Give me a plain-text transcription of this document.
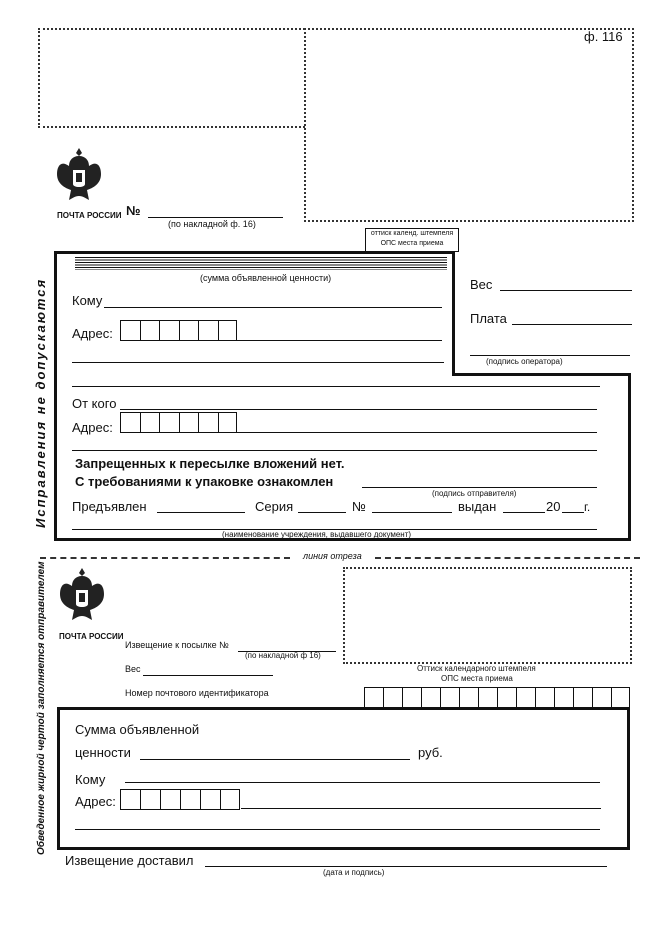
ф. 116
ПОЧТА РОССИИ №
(по накладной ф. 16)
оттиск календ. штемпеля ОПС места приема
Исправления не допускаются	(сумма объявленной ценности)
Кому
Адрес:
Вес
Плата
(подпись оператора)
От кого
Адрес:
Запрещенных к пересылке вложений нет.
С требованиями к упаковке ознакомлен
(подпись отправителя)
Предъявлен	Серия	№	выдан	20 г.
(наименование учреждения, выдавшего документ)
линия отреза
Обведенное жирной чертой заполняется отправителем ПОЧТА РОССИИ
Извещение к посылке №
(по накладной ф 16)
Вес
Номер почтового идентификатора
Оттиск календарного штемпеля
ОПС места приема
Сумма объявленной
ценности	руб.
Кому
Адрес:
Извещение доставил
(дата и подпись)
